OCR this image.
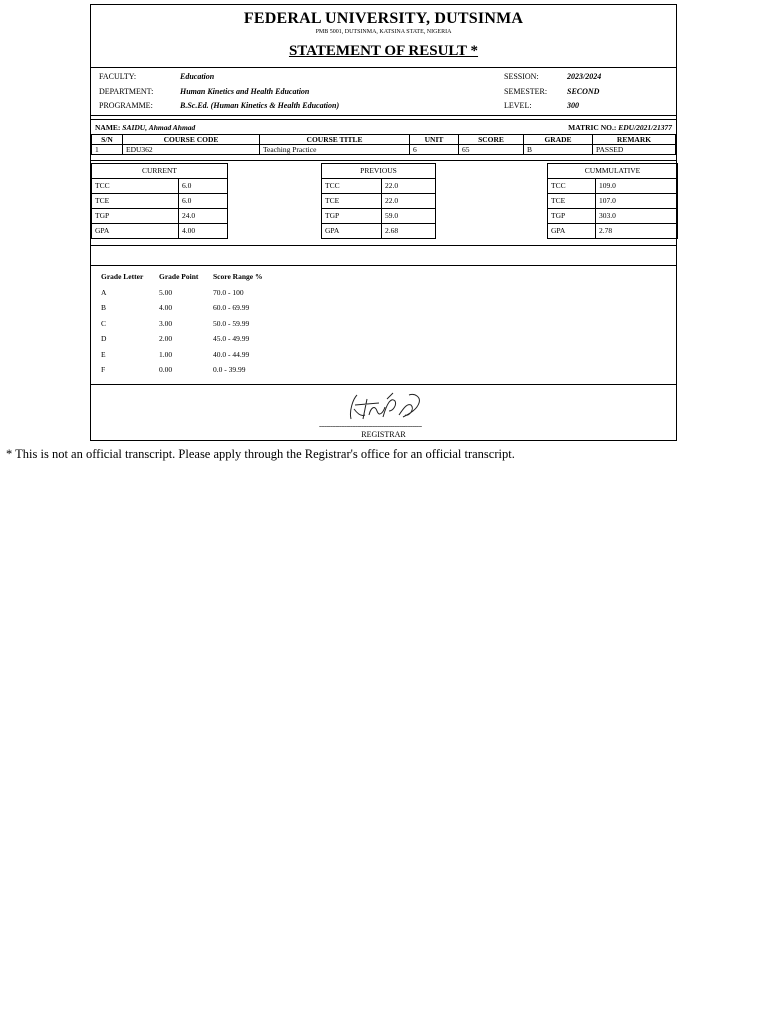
FEDERAL UNIVERSITY, DUTSINMA
PMB 5001, DUTSINMA, KATSINA STATE, NIGERIA
STATEMENT OF RESULT *
FACULTY:	Education
DEPARTMENT:	Human Kinetics and Health Education
PROGRAMME:	B.Sc.Ed. (Human Kinetics & Health Education)
SESSION:	2023/2024
SEMESTER: SECOND
LEVEL:	300
NAME: SAIDU, Ahmad Ahmad	MATRIC NO.: EDU/2021/21377
S/N	COURSE CODE	COURSE TITLE	UNIT	SCORE	GRADE	REMARK
1	EDU362	Teaching Practice	6	65	B	PASSED
CURRENT	
TCC	6.0
TCE	6.0
TGP	24.0
GPA	4.00
PREVIOUS	
TCC	22.0
TCE	22.0
TGP	59.0
GPA	2.68
CUMMULATIVE	
TCC	109.0
TCE	107.0
TGP	303.0
GPA	2.78
Grade Letter	Grade Point	Score Range %
A	5.00	70.0 - 100
B	4.00	60.0 - 69.99
C	3.00	50.0 - 59.99
D	2.00	45.0 - 49.99
E	1.00	40.0 - 44.99
F	0.00	0.0 - 39.99
--------------------------------------------------------
REGISTRAR
* This is not an official transcript. Please apply through the Registrar's office for an official transcript.
